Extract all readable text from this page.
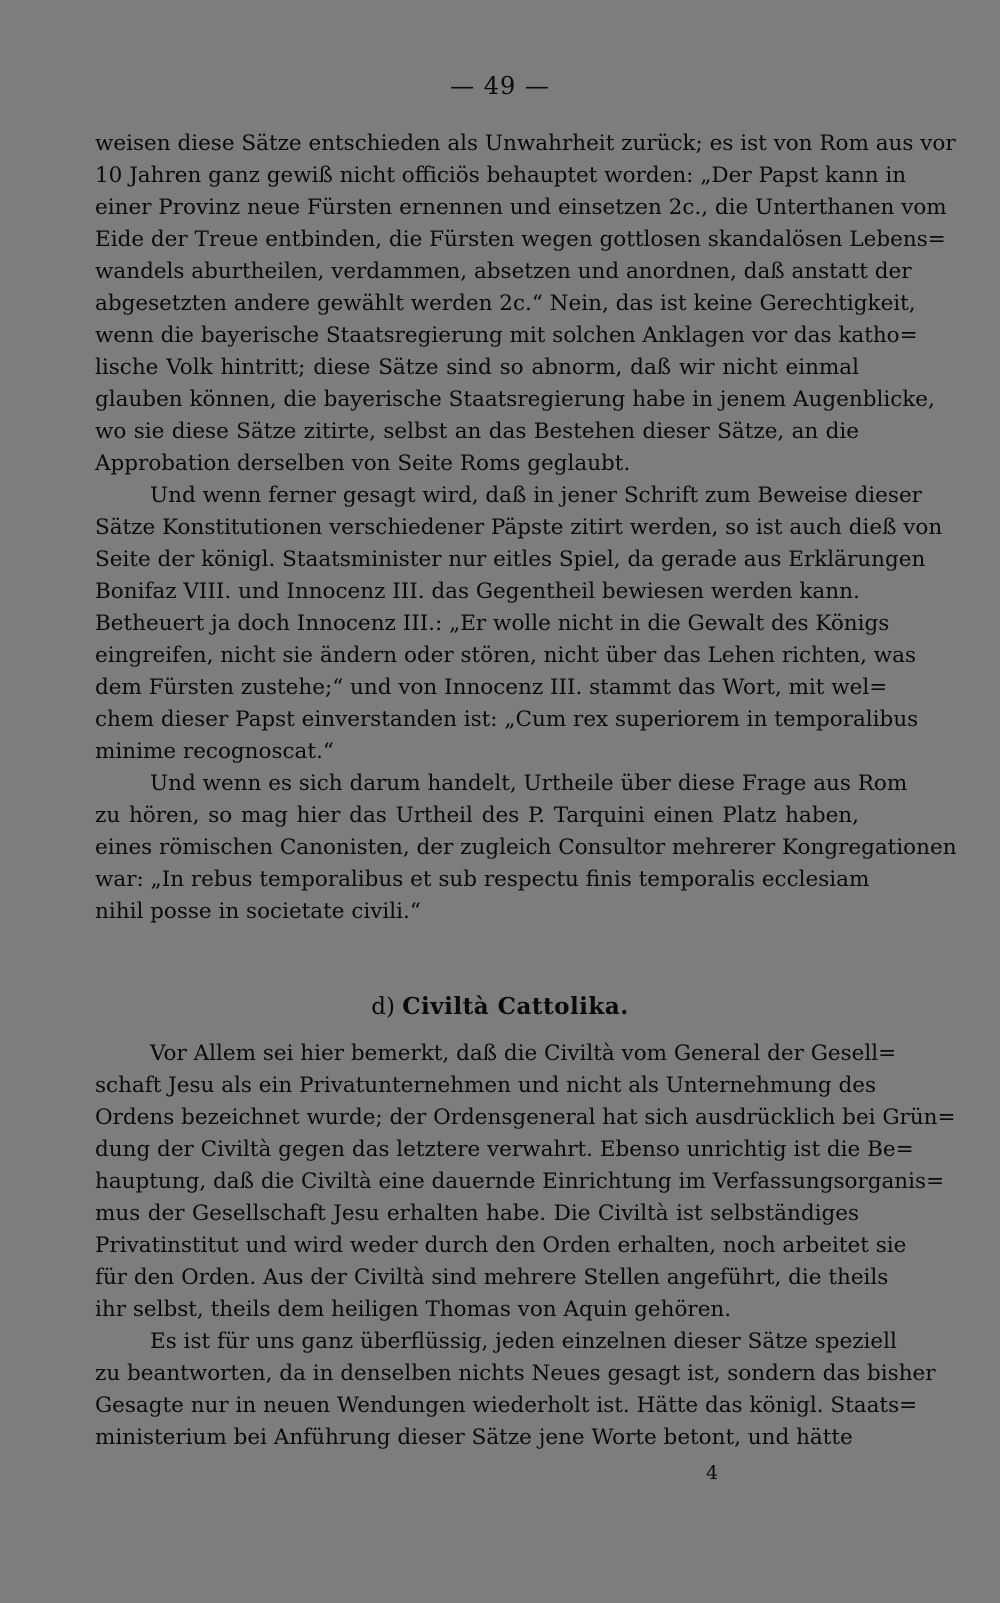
— 49 —
weisen diese Sätze entschieden als Unwahrheit zurück; es ist von Rom aus vor
10 Jahren ganz gewiß nicht officiös behauptet worden: „Der Papst kann in
einer Provinz neue Fürsten ernennen und einsetzen 2c., die Unterthanen vom
Eide der Treue entbinden, die Fürsten wegen gottlosen skandalösen Lebens=
wandels aburtheilen, verdammen, absetzen und anordnen, daß anstatt der
abgesetzten andere gewählt werden 2c.“ Nein, das ist keine Gerechtigkeit,
wenn die bayerische Staatsregierung mit solchen Anklagen vor das katho=
lische Volk hintritt; diese Sätze sind so abnorm, daß wir nicht einmal
glauben können, die bayerische Staatsregierung habe in jenem Augenblicke,
wo sie diese Sätze zitirte, selbst an das Bestehen dieser Sätze, an die
Approbation derselben von Seite Roms geglaubt.
Und wenn ferner gesagt wird, daß in jener Schrift zum Beweise dieser
Sätze Konstitutionen verschiedener Päpste zitirt werden, so ist auch dieß von
Seite der königl. Staatsminister nur eitles Spiel, da gerade aus Erklärungen
Bonifaz VIII. und Innocenz III. das Gegentheil bewiesen werden kann.
Betheuert ja doch Innocenz III.: „Er wolle nicht in die Gewalt des Königs
eingreifen, nicht sie ändern oder stören, nicht über das Lehen richten, was
dem Fürsten zustehe;“ und von Innocenz III. stammt das Wort, mit wel=
chem dieser Papst einverstanden ist: „Cum rex superiorem in temporalibus
minime recognoscat.“
Und wenn es sich darum handelt, Urtheile über diese Frage aus Rom
zu hören, so mag hier das Urtheil des P. Tarquini einen Platz haben,
eines römischen Canonisten, der zugleich Consultor mehrerer Kongregationen
war: „In rebus temporalibus et sub respectu finis temporalis ecclesiam
nihil posse in societate civili.“
d) Civiltà Cattolika.
Vor Allem sei hier bemerkt, daß die Civiltà vom General der Gesell=
schaft Jesu als ein Privatunternehmen und nicht als Unternehmung des
Ordens bezeichnet wurde; der Ordensgeneral hat sich ausdrücklich bei Grün=
dung der Civiltà gegen das letztere verwahrt. Ebenso unrichtig ist die Be=
hauptung, daß die Civiltà eine dauernde Einrichtung im Verfassungsorganis=
mus der Gesellschaft Jesu erhalten habe. Die Civiltà ist selbständiges
Privatinstitut und wird weder durch den Orden erhalten, noch arbeitet sie
für den Orden. Aus der Civiltà sind mehrere Stellen angeführt, die theils
ihr selbst, theils dem heiligen Thomas von Aquin gehören.
Es ist für uns ganz überflüssig, jeden einzelnen dieser Sätze speziell
zu beantworten, da in denselben nichts Neues gesagt ist, sondern das bisher
Gesagte nur in neuen Wendungen wiederholt ist. Hätte das königl. Staats=
ministerium bei Anführung dieser Sätze jene Worte betont, und hätte
4
